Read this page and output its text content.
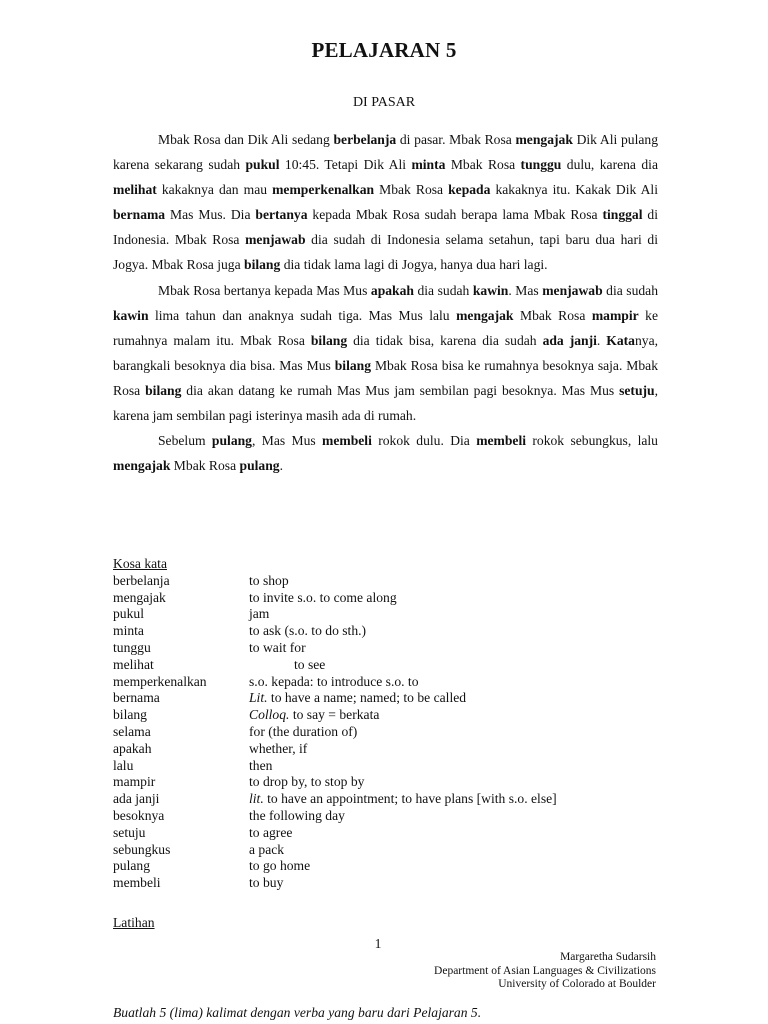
PELAJARAN 5
DI PASAR

Mbak Rosa dan Dik Ali sedang berbelanja di pasar. Mbak Rosa mengajak Dik Ali pulang karena sekarang sudah pukul 10:45. Tetapi Dik Ali minta Mbak Rosa tunggu dulu, karena dia melihat kakaknya dan mau memperkenalkan Mbak Rosa kepada kakaknya itu. Kakak Dik Ali bernama Mas Mus. Dia bertanya kepada Mbak Rosa sudah berapa lama Mbak Rosa tinggal di Indonesia. Mbak Rosa menjawab dia sudah di Indonesia selama setahun, tapi baru dua hari di Jogya. Mbak Rosa juga bilang dia tidak lama lagi di Jogya, hanya dua hari lagi.

Mbak Rosa bertanya kepada Mas Mus apakah dia sudah kawin. Mas menjawab dia sudah kawin lima tahun dan anaknya sudah tiga. Mas Mus lalu mengajak Mbak Rosa mampir ke rumahnya malam itu. Mbak Rosa bilang dia tidak bisa, karena dia sudah ada janji. Katanya, barangkali besoknya dia bisa. Mas Mus bilang Mbak Rosa bisa ke rumahnya besoknya saja. Mbak Rosa bilang dia akan datang ke rumah Mas Mus jam sembilan pagi besoknya. Mas Mus setuju, karena jam sembilan pagi isterinya masih ada di rumah.

Sebelum pulang, Mas Mus membeli rokok dulu. Dia membeli rokok sebungkus, lalu mengajak Mbak Rosa pulang.

Kosa kata
berbelanja	to shop
mengajak	to invite s.o. to come along
pukul	jam
minta	to ask (s.o. to do sth.)
tunggu	to wait for
melihat	to see
memperkenalkan	s.o. kepada: to introduce s.o. to
bernama	Lit. to have a name; named; to be called
bilang	Colloq. to say = berkata
selama	for (the duration of)
apakah	whether, if
lalu	then
mampir	to drop by, to stop by
ada janji	lit. to have an appointment; to have plans [with s.o. else]
besoknya	the following day
setuju	to agree
sebungkus	a pack
pulang	to go home
membeli	to buy
Latihan
1
Margaretha Sudarsih
Department of Asian Languages & Civilizations
University of Colorado at Boulder
Buatlah 5 (lima) kalimat dengan verba yang baru dari Pelajaran 5.
